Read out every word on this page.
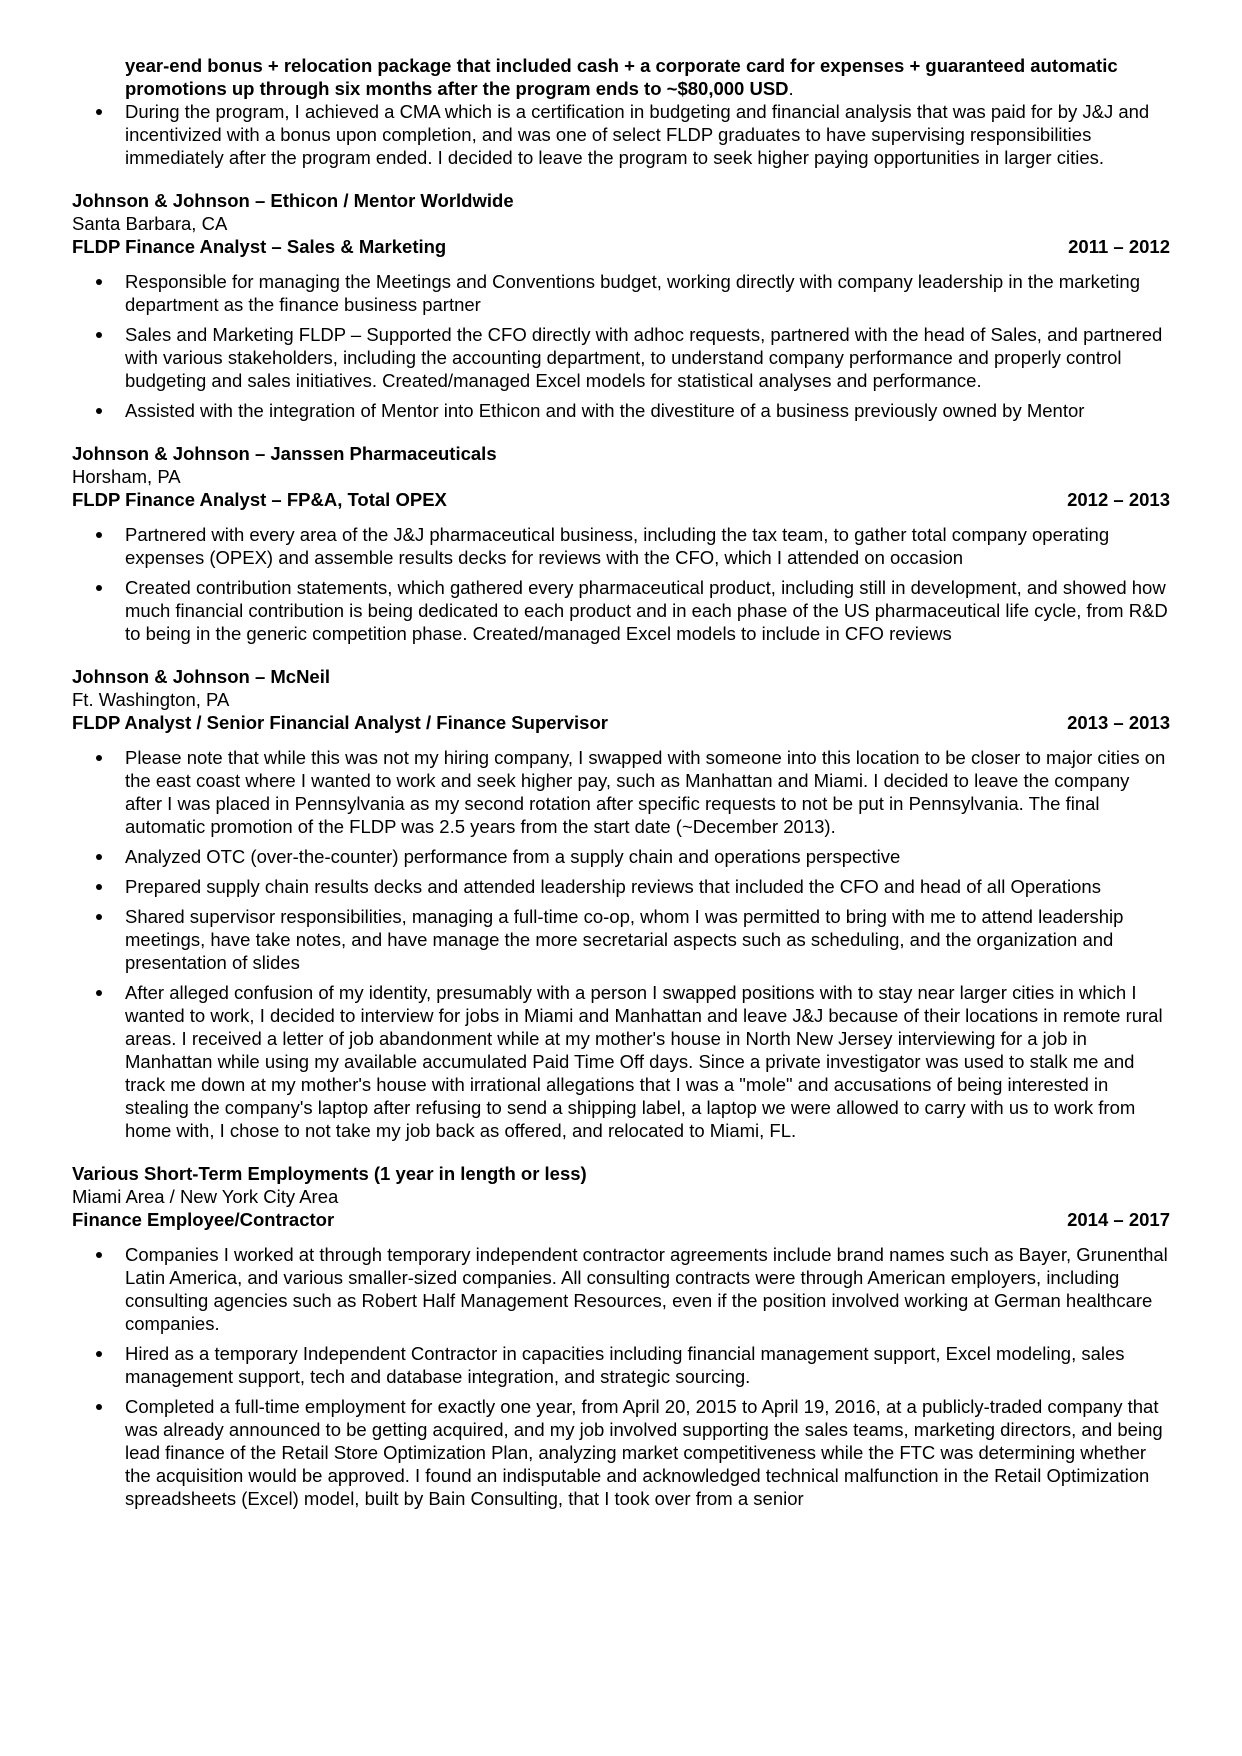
year-end bonus + relocation package that included cash + a corporate card for expenses + guaranteed automatic promotions up through six months after the program ends to ~$80,000 USD.
During the program, I achieved a CMA which is a certification in budgeting and financial analysis that was paid for by J&J and incentivized with a bonus upon completion, and was one of select FLDP graduates to have supervising responsibilities immediately after the program ended. I decided to leave the program to seek higher paying opportunities in larger cities.
Johnson & Johnson – Ethicon / Mentor Worldwide
Santa Barbara, CA
FLDP Finance Analyst – Sales & Marketing	2011 – 2012
Responsible for managing the Meetings and Conventions budget, working directly with company leadership in the marketing department as the finance business partner
Sales and Marketing FLDP – Supported the CFO directly with adhoc requests, partnered with the head of Sales, and partnered with various stakeholders, including the accounting department, to understand company performance and properly control budgeting and sales initiatives. Created/managed Excel models for statistical analyses and performance.
Assisted with the integration of Mentor into Ethicon and with the divestiture of a business previously owned by Mentor
Johnson & Johnson – Janssen Pharmaceuticals
Horsham, PA
FLDP Finance Analyst – FP&A, Total OPEX	2012 – 2013
Partnered with every area of the J&J pharmaceutical business, including the tax team, to gather total company operating expenses (OPEX) and assemble results decks for reviews with the CFO, which I attended on occasion
Created contribution statements, which gathered every pharmaceutical product, including still in development, and showed how much financial contribution is being dedicated to each product and in each phase of the US pharmaceutical life cycle, from R&D to being in the generic competition phase. Created/managed Excel models to include in CFO reviews
Johnson & Johnson – McNeil
Ft. Washington, PA
FLDP Analyst / Senior Financial Analyst / Finance Supervisor	2013 – 2013
Please note that while this was not my hiring company, I swapped with someone into this location to be closer to major cities on the east coast where I wanted to work and seek higher pay, such as Manhattan and Miami. I decided to leave the company after I was placed in Pennsylvania as my second rotation after specific requests to not be put in Pennsylvania. The final automatic promotion of the FLDP was 2.5 years from the start date (~December 2013).
Analyzed OTC (over-the-counter) performance from a supply chain and operations perspective
Prepared supply chain results decks and attended leadership reviews that included the CFO and head of all Operations
Shared supervisor responsibilities, managing a full-time co-op, whom I was permitted to bring with me to attend leadership meetings, have take notes, and have manage the more secretarial aspects such as scheduling, and the organization and presentation of slides
After alleged confusion of my identity, presumably with a person I swapped positions with to stay near larger cities in which I wanted to work, I decided to interview for jobs in Miami and Manhattan and leave J&J because of their locations in remote rural areas. I received a letter of job abandonment while at my mother's house in North New Jersey interviewing for a job in Manhattan while using my available accumulated Paid Time Off days. Since a private investigator was used to stalk me and track me down at my mother's house with irrational allegations that I was a "mole" and accusations of being interested in stealing the company's laptop after refusing to send a shipping label, a laptop we were allowed to carry with us to work from home with, I chose to not take my job back as offered, and relocated to Miami, FL.
Various Short-Term Employments (1 year in length or less)
Miami Area / New York City Area
Finance Employee/Contractor	2014 – 2017
Companies I worked at through temporary independent contractor agreements include brand names such as Bayer, Grunenthal Latin America, and various smaller-sized companies. All consulting contracts were through American employers, including consulting agencies such as Robert Half Management Resources, even if the position involved working at German healthcare companies.
Hired as a temporary Independent Contractor in capacities including financial management support, Excel modeling, sales management support, tech and database integration, and strategic sourcing.
Completed a full-time employment for exactly one year, from April 20, 2015 to April 19, 2016, at a publicly-traded company that was already announced to be getting acquired, and my job involved supporting the sales teams, marketing directors, and being lead finance of the Retail Store Optimization Plan, analyzing market competitiveness while the FTC was determining whether the acquisition would be approved. I found an indisputable and acknowledged technical malfunction in the Retail Optimization spreadsheets (Excel) model, built by Bain Consulting, that I took over from a senior
